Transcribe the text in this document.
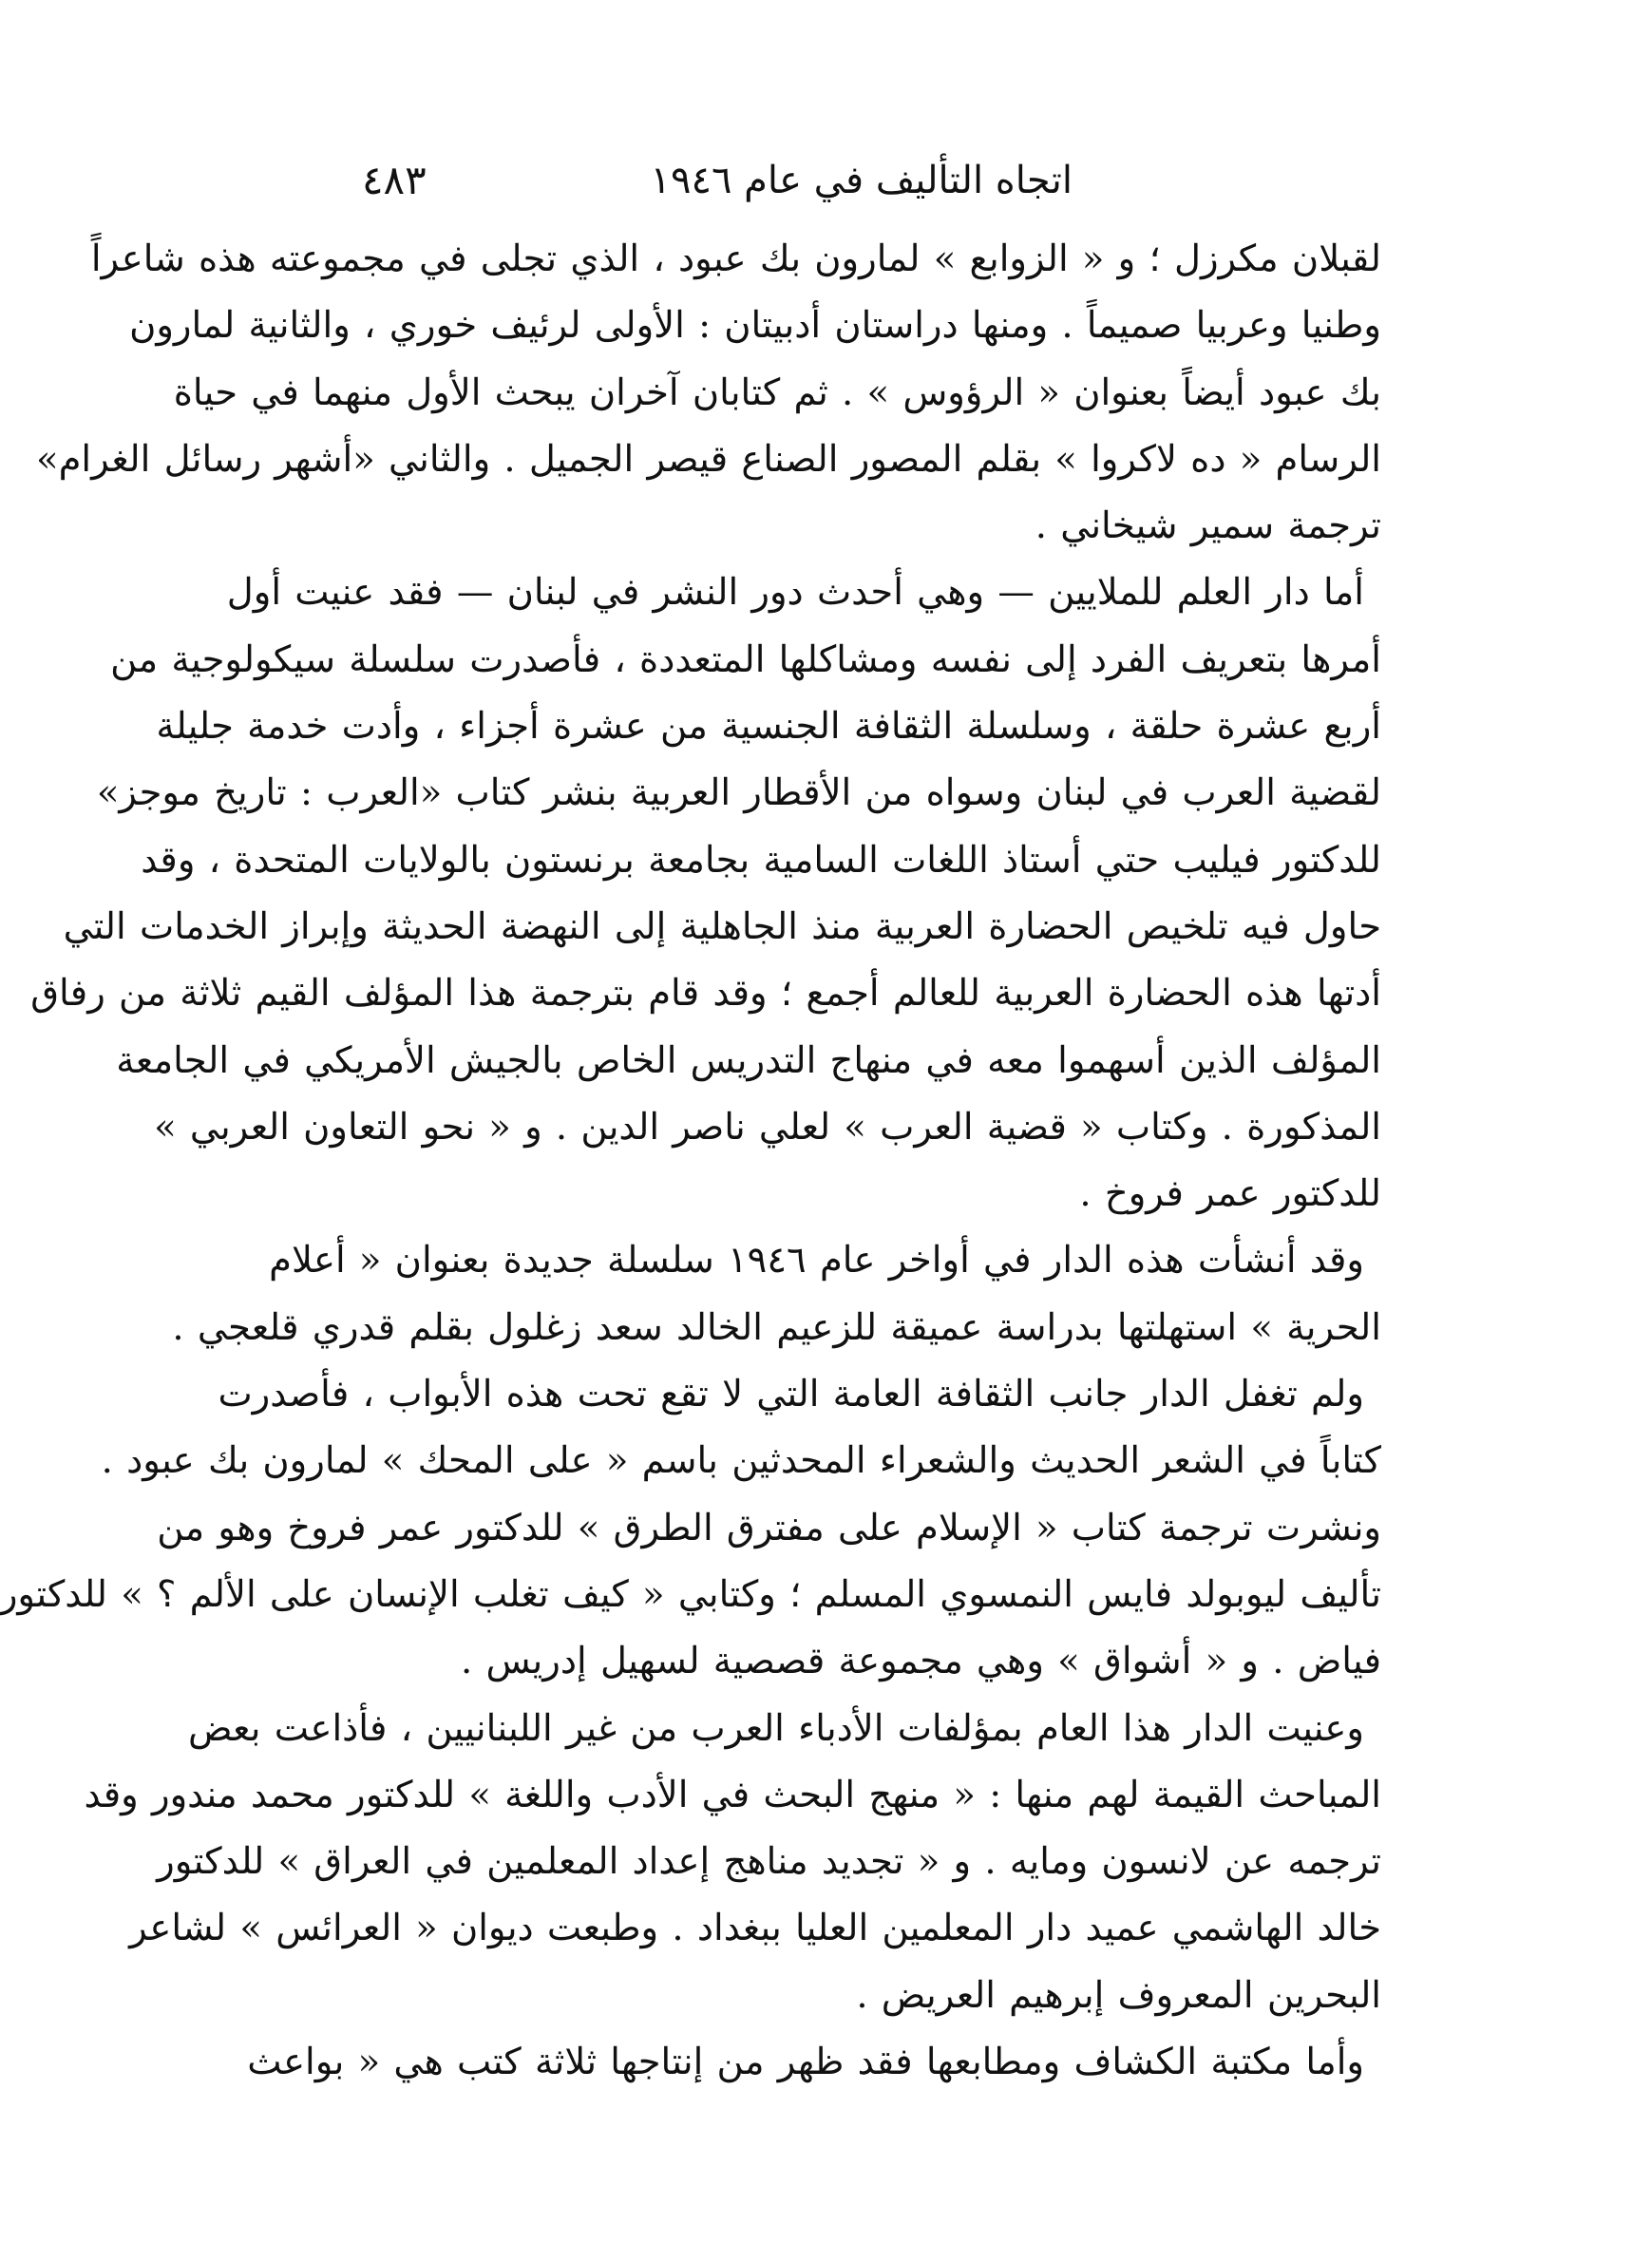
اتجاه التأليف في عام ١٩٤٦
٤٨٣
لقبلان مكرزل ؛ و « الزوابع » لمارون بك عبود ، الذي تجلى في مجموعته هذه شاعراً
وطنيا وعربيا صميماً . ومنها دراستان أدبيتان : الأولى لرئيف خوري ، والثانية لمارون
بك عبود أيضاً بعنوان « الرؤوس » . ثم كتابان آخران يبحث الأول منهما في حياة
الرسام « ده لاكروا » بقلم المصور الصناع قيصر الجميل . والثاني «أشهر رسائل الغرام»
ترجمة سمير شيخاني .
أما دار العلم للملايين — وهي أحدث دور النشر في لبنان — فقد عنيت أول
أمرها بتعريف الفرد إلى نفسه ومشاكلها المتعددة ، فأصدرت سلسلة سيكولوجية من
أربع عشرة حلقة ، وسلسلة الثقافة الجنسية من عشرة أجزاء ، وأدت خدمة جليلة
لقضية العرب في لبنان وسواه من الأقطار العربية بنشر كتاب «العرب : تاريخ موجز»
للدكتور فيليب حتي أستاذ اللغات السامية بجامعة برنستون بالولايات المتحدة ، وقد
حاول فيه تلخيص الحضارة العربية منذ الجاهلية إلى النهضة الحديثة وإبراز الخدمات التي
أدتها هذه الحضارة العربية للعالم أجمع ؛ وقد قام بترجمة هذا المؤلف القيم ثلاثة من رفاق
المؤلف الذين أسهموا معه في منهاج التدريس الخاص بالجيش الأمريكي في الجامعة
المذكورة . وكتاب « قضية العرب » لعلي ناصر الدين . و « نحو التعاون العربي »
للدكتور عمر فروخ .
وقد أنشأت هذه الدار في أواخر عام ١٩٤٦ سلسلة جديدة بعنوان « أعلام
الحرية » استهلتها بدراسة عميقة للزعيم الخالد سعد زغلول بقلم قدري قلعجي .
ولم تغفل الدار جانب الثقافة العامة التي لا تقع تحت هذه الأبواب ، فأصدرت
كتاباً في الشعر الحديث والشعراء المحدثين باسم « على المحك » لمارون بك عبود .
ونشرت ترجمة كتاب « الإسلام على مفترق الطرق » للدكتور عمر فروخ وهو من
تأليف ليوبولد فايس النمسوي المسلم ؛ وكتابي « كيف تغلب الإنسان على الألم ؟ » للدكتور
فياض . و « أشواق » وهي مجموعة قصصية لسهيل إدريس .
وعنيت الدار هذا العام بمؤلفات الأدباء العرب من غير اللبنانيين ، فأذاعت بعض
المباحث القيمة لهم منها : « منهج البحث في الأدب واللغة » للدكتور محمد مندور وقد
ترجمه عن لانسون ومايه . و « تجديد مناهج إعداد المعلمين في العراق » للدكتور
خالد الهاشمي عميد دار المعلمين العليا ببغداد . وطبعت ديوان « العرائس » لشاعر
البحرين المعروف إبرهيم العريض .
وأما مكتبة الكشاف ومطابعها فقد ظهر من إنتاجها ثلاثة كتب هي « بواعث
